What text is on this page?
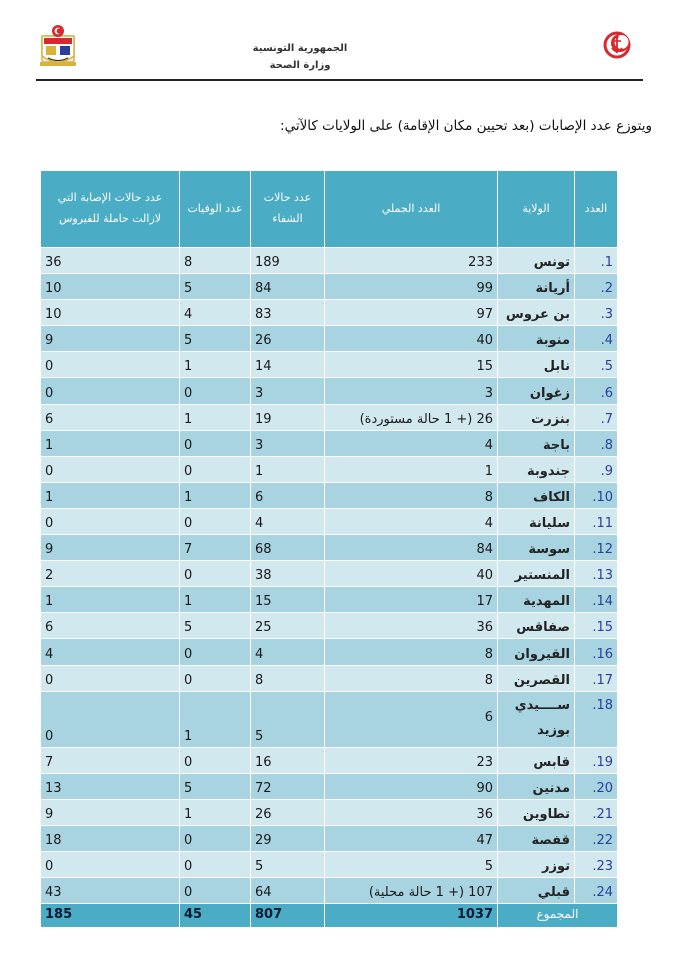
الجمهورية التونسية
وزارة الصحة
ويتوزع عدد الإصابات (بعد تحيين مكان الإقامة) على الولايات كالآتي:
العدد	الولاية	العدد الجملي	عدد حالات الشفاء	عدد الوفيات	عدد حالات الإصابة التي لازالت حاملة للفيروس
1.	تونس	233	189	8	36
2.	أريانة	99	84	5	10
3.	بن عروس	97	83	4	10
4.	منوبة	40	26	5	9
5.	نابل	15	14	1	0
6.	زغوان	3	3	0	0
7.	بنزرت	26 (+ 1 حالة مستوردة)	19	1	6
8.	باجة	4	3	0	1
9.	جندوبة	1	1	0	0
10.	الكاف	8	6	1	1
11.	سليانة	4	4	0	0
12.	سوسة	84	68	7	9
13.	المنستير	40	38	0	2
14.	المهدية	17	15	1	1
15.	صفاقس	36	25	5	6
16.	القيروان	8	4	0	4
17.	القصرين	8	8	0	0
18.	ســــيدي بوزيد	6	5	1	0
19.	قابس	23	16	0	7
20.	مدنين	90	72	5	13
21.	تطاوين	36	26	1	9
22.	قفصة	47	29	0	18
23.	توزر	5	5	0	0
24.	قبلي	107 (+ 1 حالة محلية)	64	0	43
المجموع		1037	807	45	185
